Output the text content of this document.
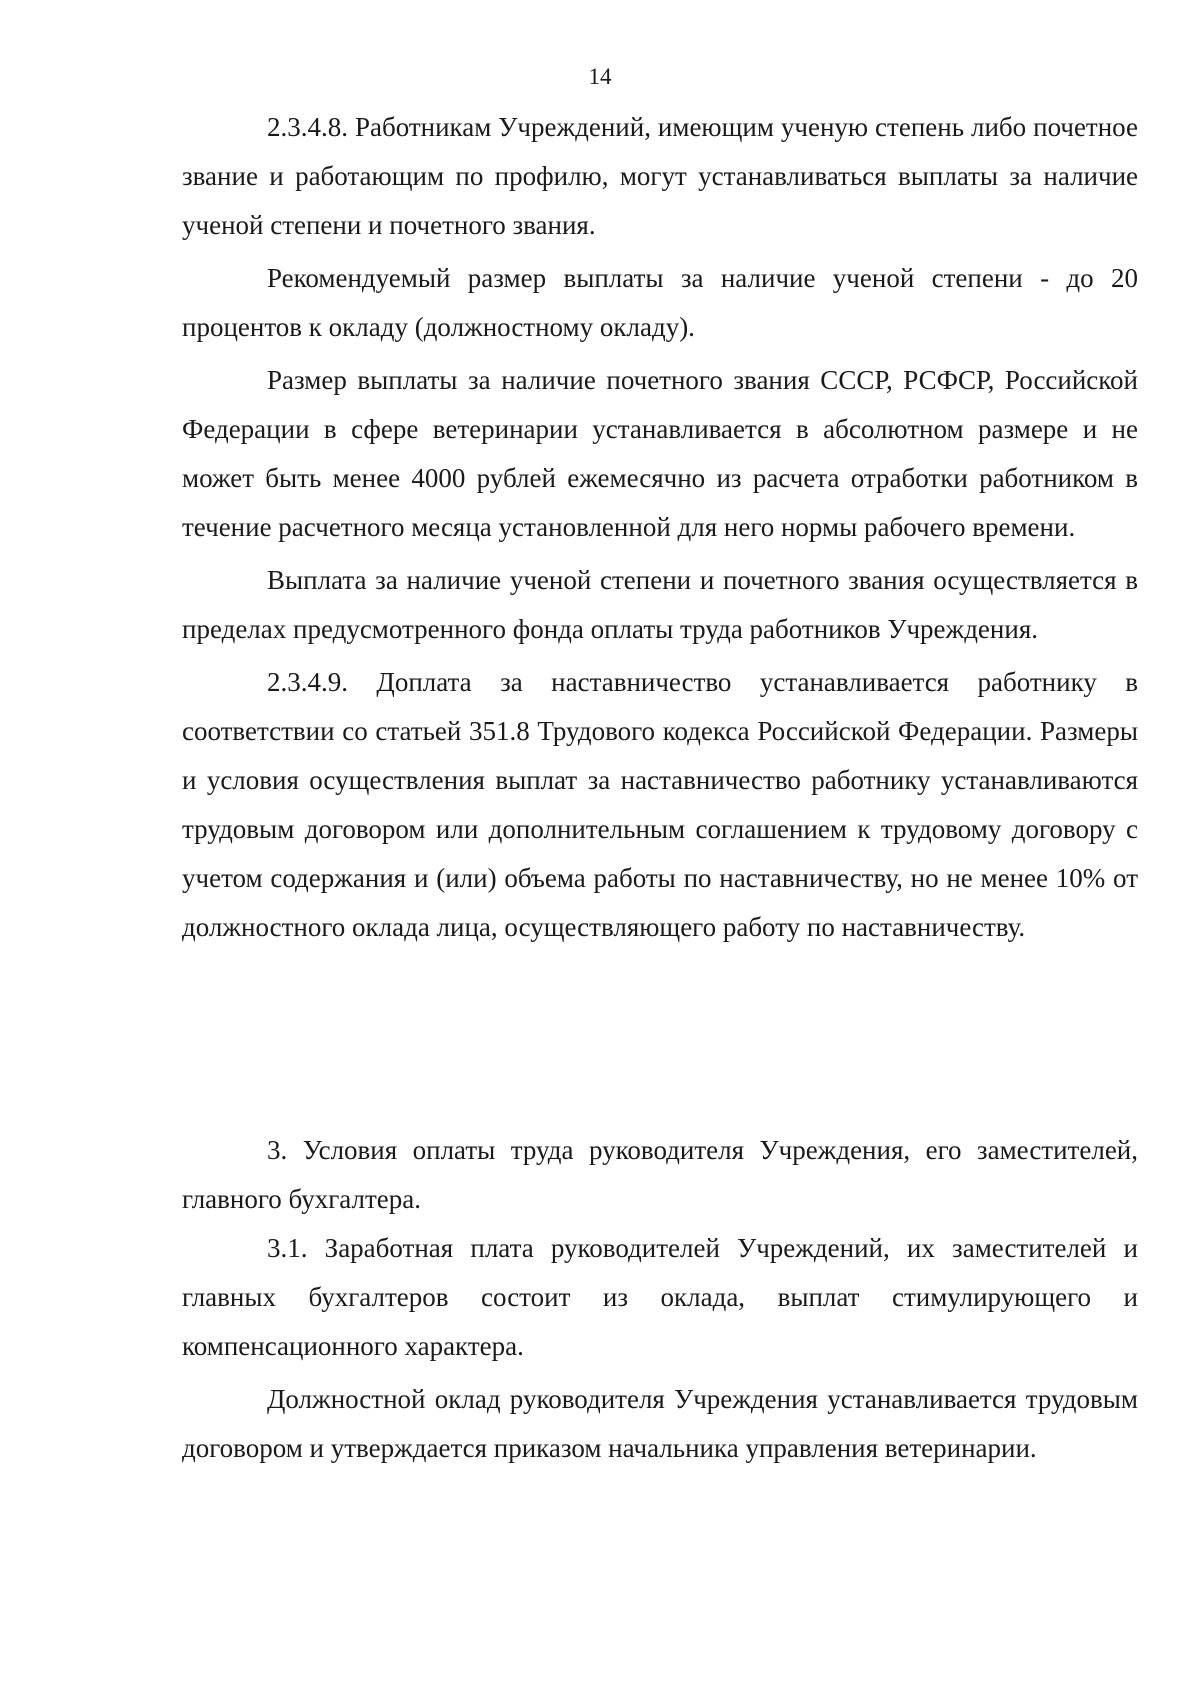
14

2.3.4.8. Работникам Учреждений, имеющим ученую степень либо почетное звание и работающим по профилю, могут устанавливаться выплаты за наличие ученой степени и почетного звания.

Рекомендуемый размер выплаты за наличие ученой степени - до 20 процентов к окладу (должностному окладу).

Размер выплаты за наличие почетного звания СССР, РСФСР, Российской Федерации в сфере ветеринарии устанавливается в абсолютном размере и не может быть менее 4000 рублей ежемесячно из расчета отработки работником в течение расчетного месяца установленной для него нормы рабочего времени.

Выплата за наличие ученой степени и почетного звания осуществляется в пределах предусмотренного фонда оплаты труда работников Учреждения.

2.3.4.9. Доплата за наставничество устанавливается работнику в соответствии со статьей 351.8 Трудового кодекса Российской Федерации. Размеры и условия осуществления выплат за наставничество работнику устанавливаются трудовым договором или дополнительным соглашением к трудовому договору с учетом содержания и (или) объема работы по наставничеству, но не менее 10% от должностного оклада лица, осуществляющего работу по наставничеству.

3. Условия оплаты труда руководителя Учреждения, его заместителей, главного бухгалтера.

3.1. Заработная плата руководителей Учреждений, их заместителей и главных бухгалтеров состоит из оклада, выплат стимулирующего и компенсационного характера.

Должностной оклад руководителя Учреждения устанавливается трудовым договором и утверждается приказом начальника управления ветеринарии.
